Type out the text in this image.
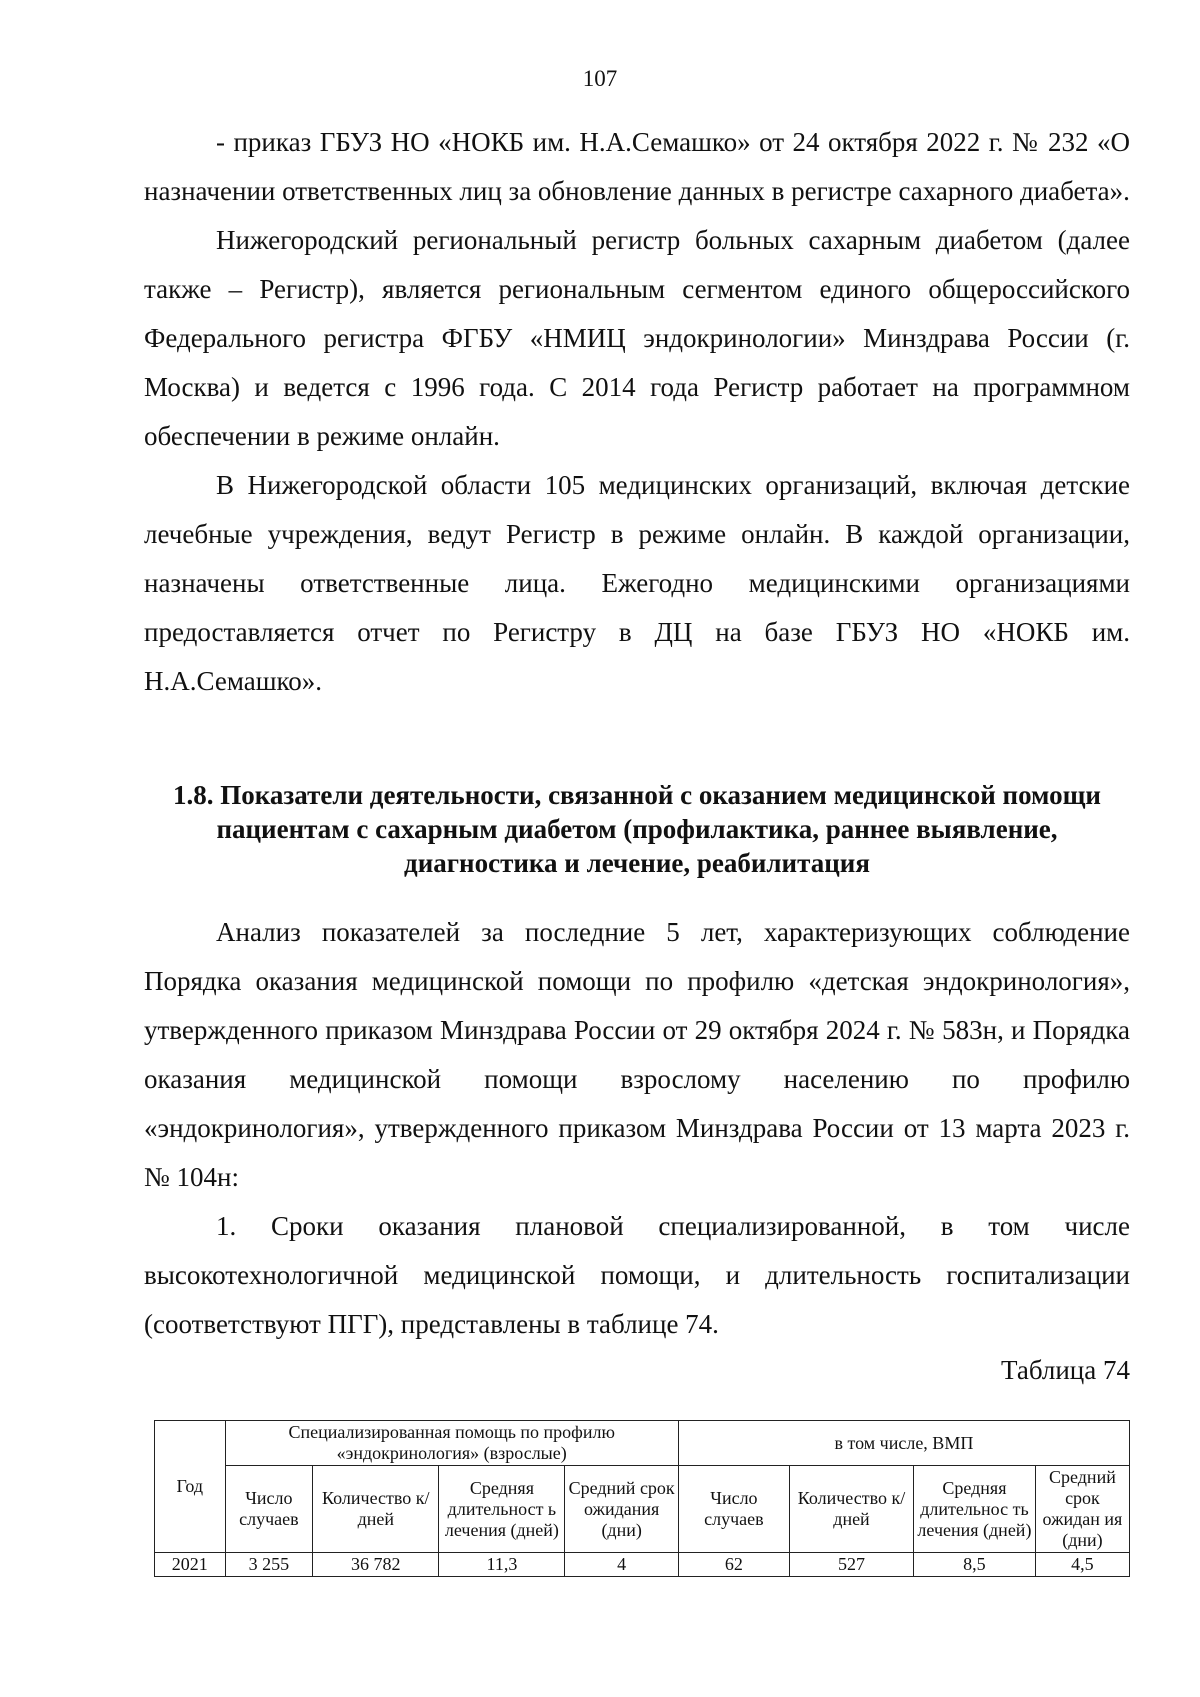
107

- приказ ГБУЗ НО «НОКБ им. Н.А.Семашко» от 24 октября 2022 г. № 232 «О назначении ответственных лиц за обновление данных в регистре сахарного диабета».

Нижегородский региональный регистр больных сахарным диабетом (далее также – Регистр), является региональным сегментом единого общероссийского Федерального регистра ФГБУ «НМИЦ эндокринологии» Минздрава России (г. Москва) и ведется с 1996 года. С 2014 года Регистр работает на программном обеспечении в режиме онлайн.

В Нижегородской области 105 медицинских организаций, включая детские лечебные учреждения, ведут Регистр в режиме онлайн. В каждой организации, назначены ответственные лица. Ежегодно медицинскими организациями предоставляется отчет по Регистру в ДЦ на базе ГБУЗ НО «НОКБ им. Н.А.Семашко».

1.8. Показатели деятельности, связанной с оказанием медицинской помощи
пациентам с сахарным диабетом (профилактика, раннее выявление,
диагностика и лечение, реабилитация

Анализ показателей за последние 5 лет, характеризующих соблюдение Порядка оказания медицинской помощи по профилю «детская эндокринология», утвержденного приказом Минздрава России от 29 октября 2024 г. № 583н, и Порядка оказания медицинской помощи взрослому населению по профилю «эндокринология», утвержденного приказом Минздрава России от 13 марта 2023 г. № 104н:

1. Сроки оказания плановой специализированной, в том числе высокотехнологичной медицинской помощи, и длительность госпитализации (соответствуют ПГГ), представлены в таблице 74.

Таблица 74
Год	Специализированная помощь по профилю «эндокринология» (взрослые)				в том числе, ВМП			
	Число случаев	Количество к/дней	Средняя длительност ь лечения (дней)	Средний срок ожидания (дни)	Число случаев	Количество к/дней	Средняя длительнос ть лечения (дней)	Средний срок ожидан ия (дни)
2021	3 255	36 782	11,3	4	62	527	8,5	4,5
